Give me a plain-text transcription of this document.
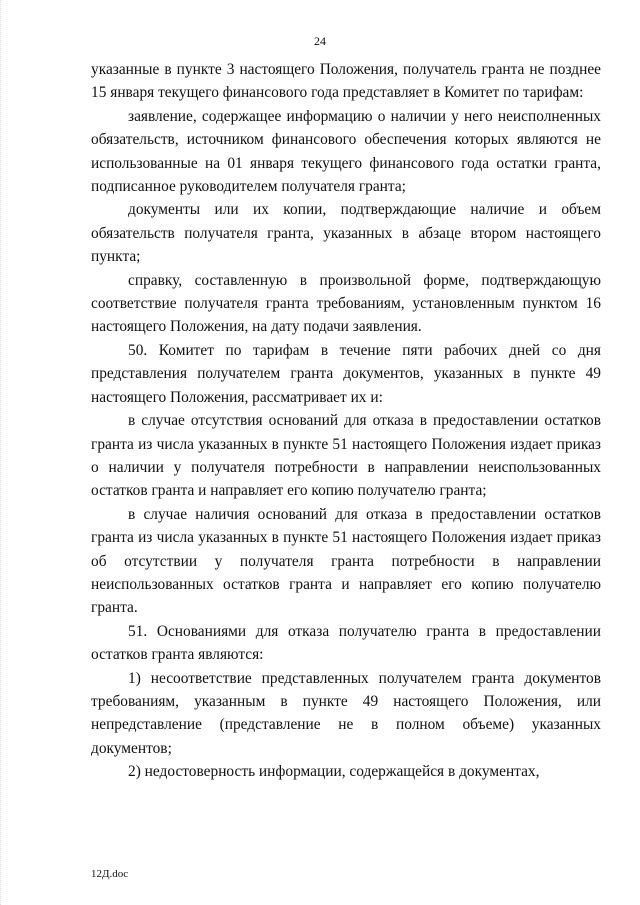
24

указанные в пункте 3 настоящего Положения, получатель гранта не позднее 15 января текущего финансового года представляет в Комитет по тарифам:

заявление, содержащее информацию о наличии у него неисполненных обязательств, источником финансового обеспечения которых являются не использованные на 01 января текущего финансового года остатки гранта, подписанное руководителем получателя гранта;

документы или их копии, подтверждающие наличие и объем обязательств получателя гранта, указанных в абзаце втором настоящего пункта;

справку, составленную в произвольной форме, подтверждающую соответствие получателя гранта требованиям, установленным пунктом 16 настоящего Положения, на дату подачи заявления.

50. Комитет по тарифам в течение пяти рабочих дней со дня представления получателем гранта документов, указанных в пункте 49 настоящего Положения, рассматривает их и:

в случае отсутствия оснований для отказа в предоставлении остатков гранта из числа указанных в пункте 51 настоящего Положения издает приказ о наличии у получателя потребности в направлении неиспользованных остатков гранта и направляет его копию получателю гранта;

в случае наличия оснований для отказа в предоставлении остатков гранта из числа указанных в пункте 51 настоящего Положения издает приказ об отсутствии у получателя гранта потребности в направлении неиспользованных остатков гранта и направляет его копию получателю гранта.

51. Основаниями для отказа получателю гранта в предоставлении остатков гранта являются:

1) несоответствие представленных получателем гранта документов требованиям, указанным в пункте 49 настоящего Положения, или непредставление (представление не в полном объеме) указанных документов;

2) недостоверность информации, содержащейся в документах,

12Д.doc
